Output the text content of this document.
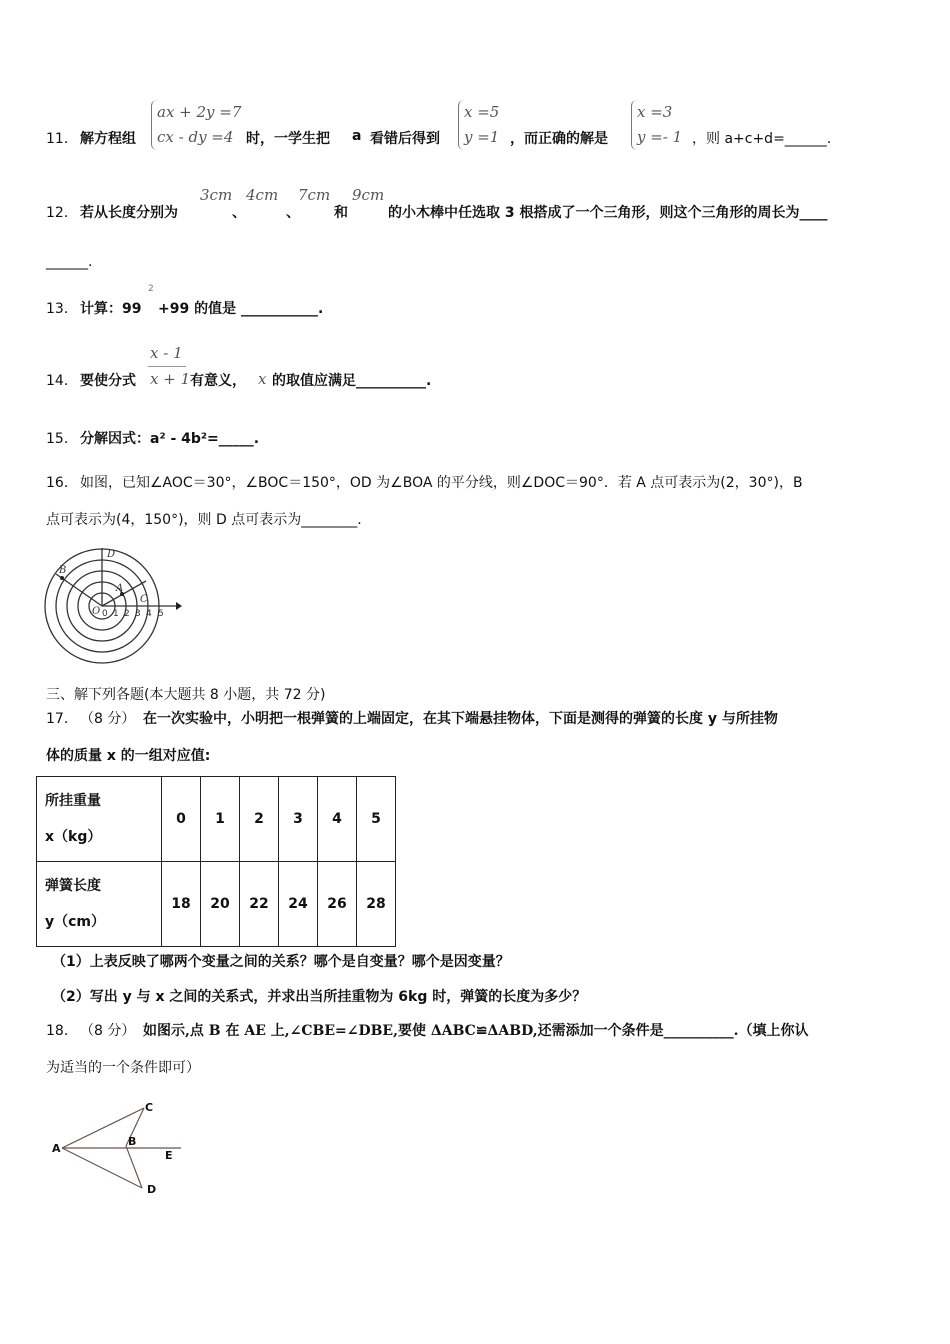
11． 解方程组
ax + 2y =7
cx - dy =4 时，一学生把 a 看错后得到
x =5
y =1 ，而正确的解是
x =3
y =- 1 ，则 a+c+d=______.
12． 若从长度分别为
3cm
、
4cm
、
7cm
和
9cm
的小木棒中任选取 3 根搭成了一个三角形，则这个三角形的周长为____
______.
13． 计算：99
2
+99 的值是 ___________.
14． 要使分式
x - 1
x + 1 有意义， x 的取值应满足__________.
15． 分解因式：a² - 4b²=_____.
16． 如图，已知∠AOC＝30°，∠BOC＝150°，OD 为∠BOA 的平分线，则∠DOC＝90°．若 A 点可表示为(2，30°)，B
点可表示为(4，150°)，则 D 点可表示为________.
D
B
A
C
O 0 1 2 3 4 5
三、解下列各题(本大题共 8 小题，共 72 分)
17． （8 分） 在一次实验中，小明把一根弹簧的上端固定，在其下端悬挂物体，下面是测得的弹簧的长度 y 与所挂物
体的质量 x 的一组对应值:
所挂重量
x（kg）	0	1	2	3	4	5

弹簧长度
y（cm）	18	20	22	24	26	28
（1）上表反映了哪两个变量之间的关系？哪个是自变量？哪个是因变量？
（2）写出 y 与 x 之间的关系式，并求出当所挂重物为 6kg 时，弹簧的长度为多少？
18． （8 分） 如图示,点 B 在 AE 上,∠CBE=∠DBE,要使 ΔABC≌ΔABD,还需添加一个条件是__________.（填上你认
为适当的一个条件即可）
A
B
C
D
E
